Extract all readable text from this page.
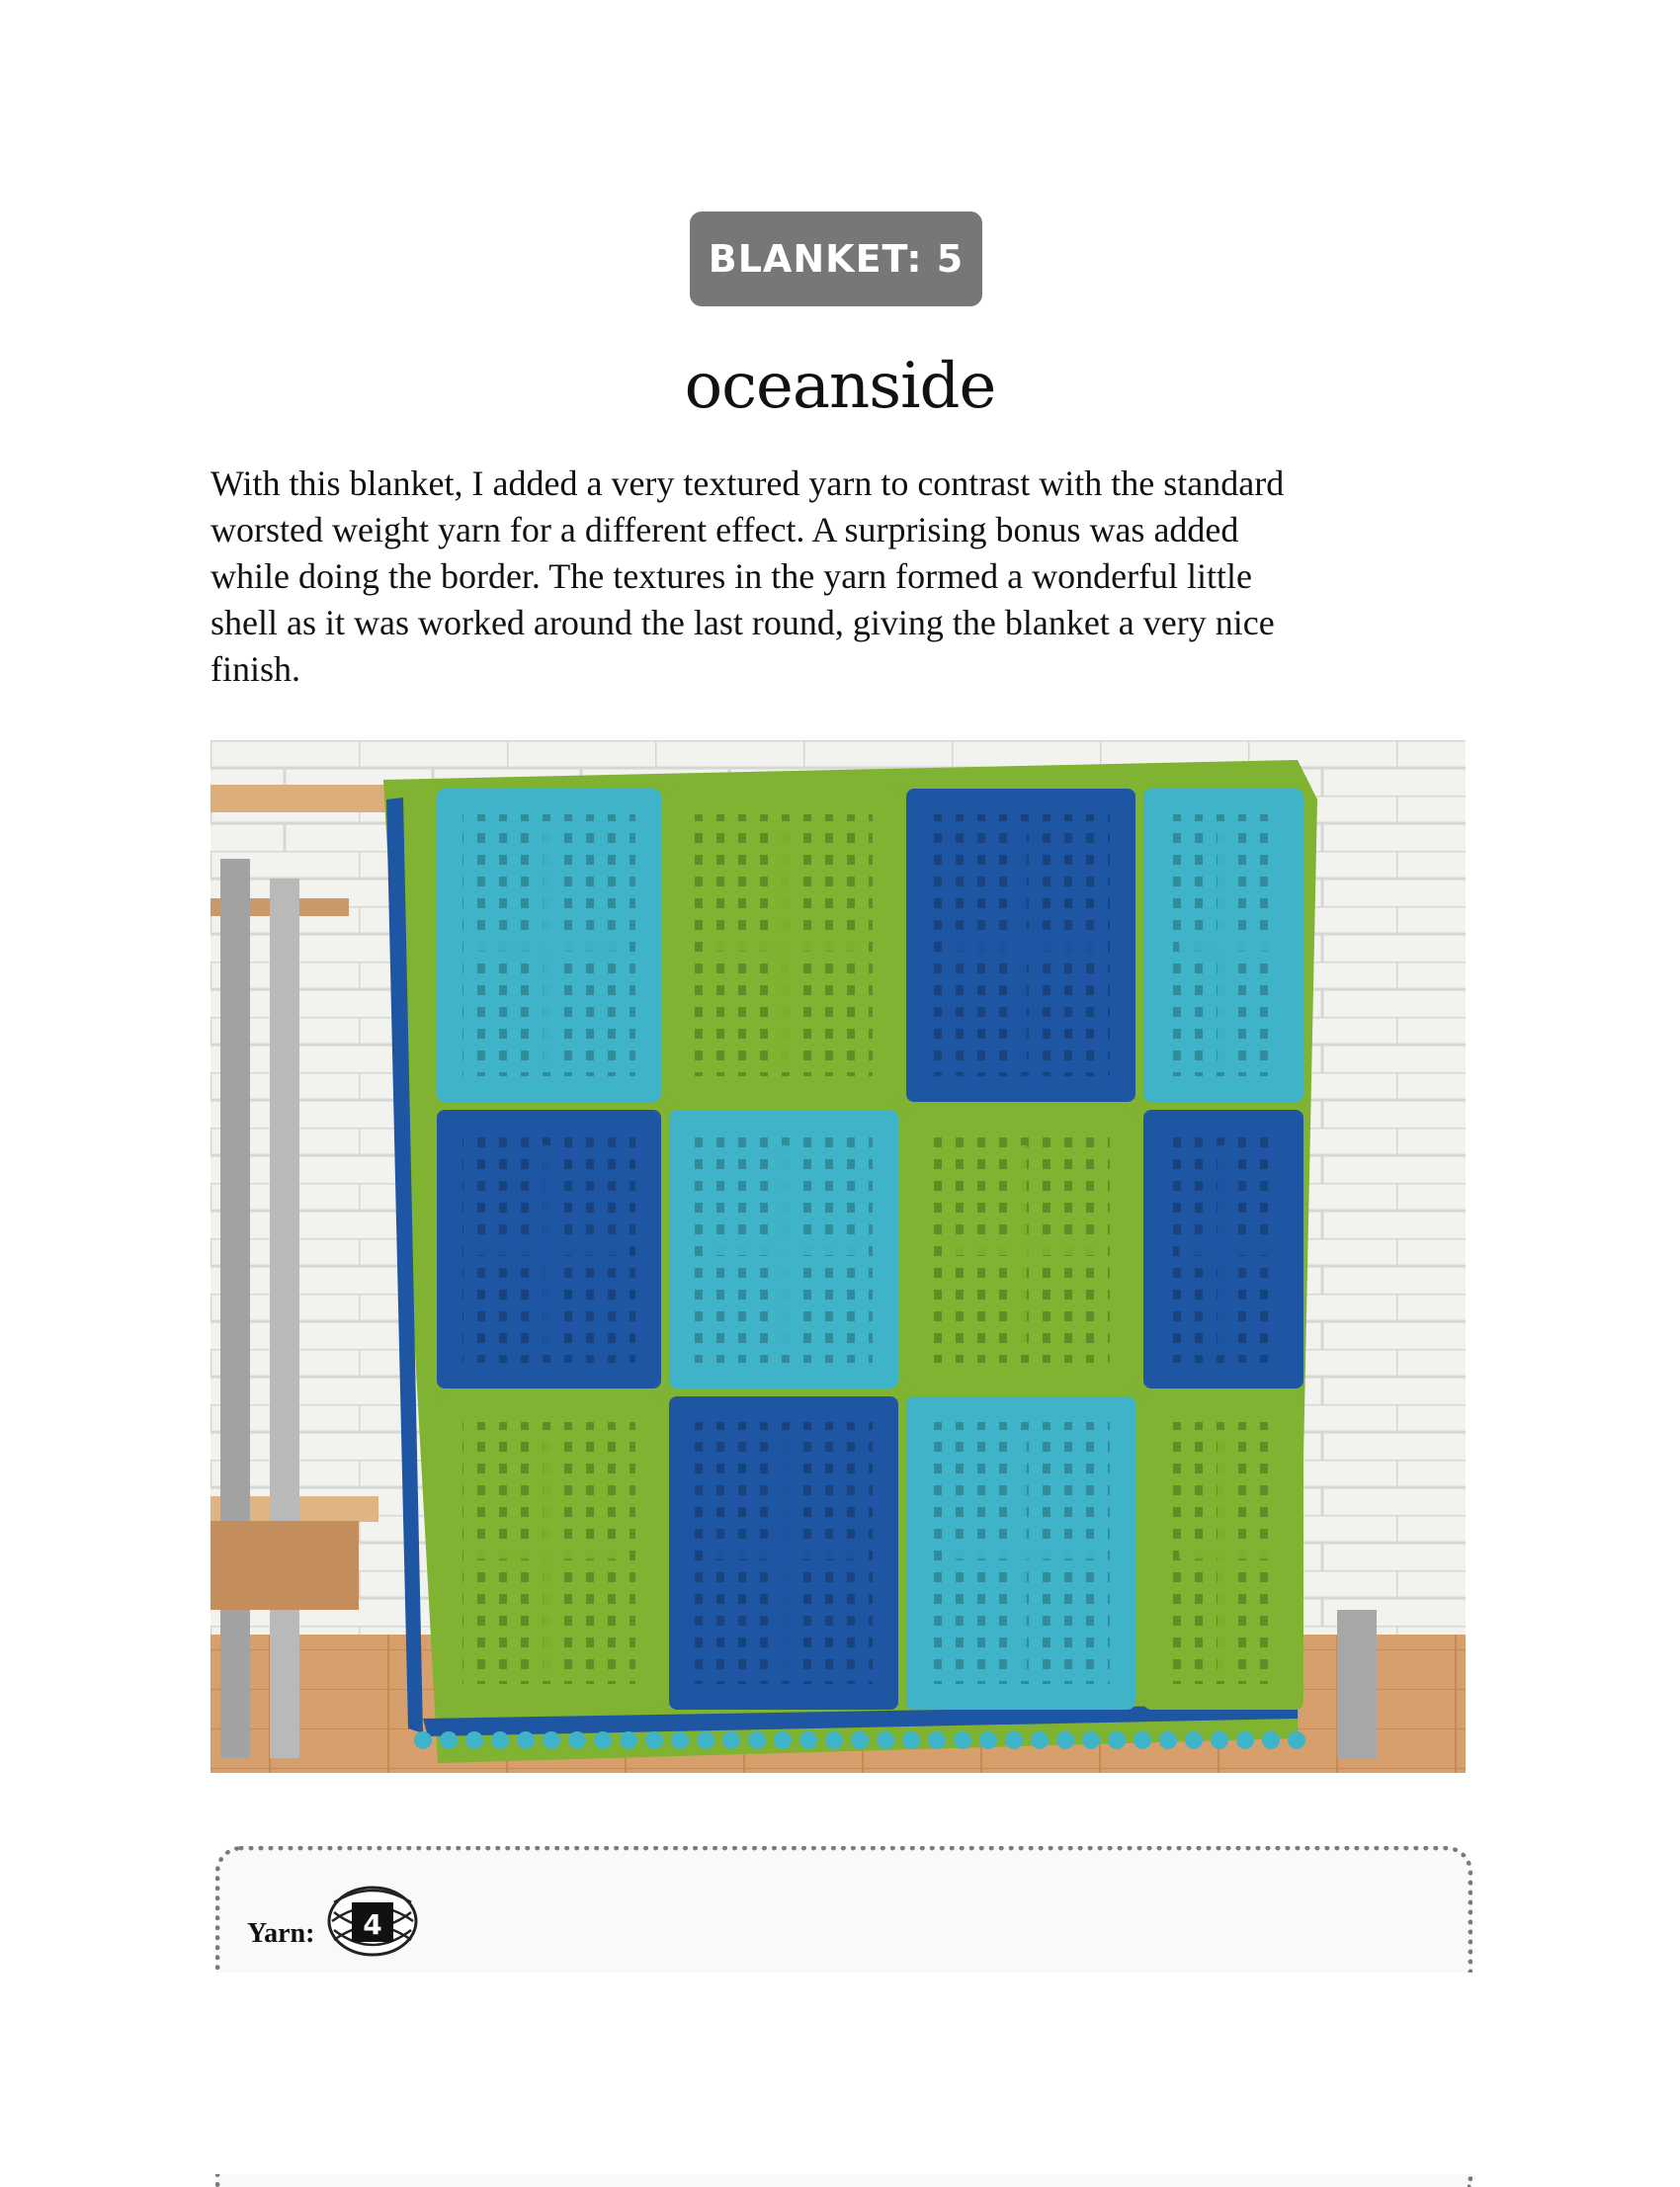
BLANKET: 5
oceanside
With this blanket, I added a very textured yarn to contrast with the standard
worsted weight yarn for a different effect. A surprising bonus was added
while doing the border. The textures in the yarn formed a wonderful little
shell as it was worked around the last round, giving the blanket a very nice
finish.
Yarn: 4
